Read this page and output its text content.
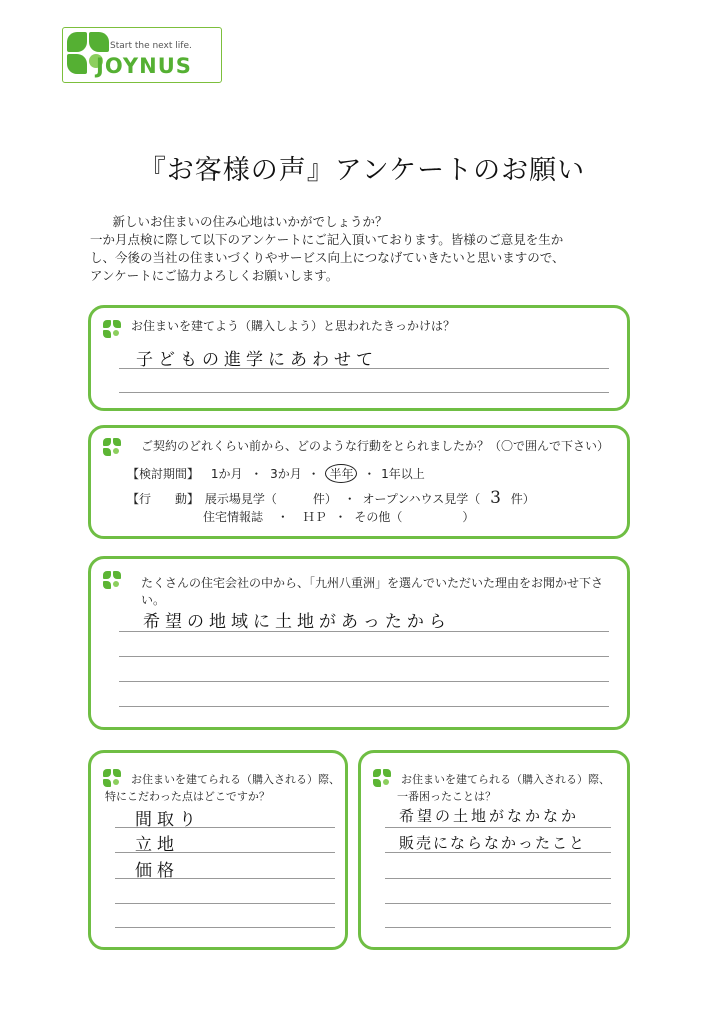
Start the next life.
JOYNUS
『お客様の声』アンケートのお願い

　新しいお住まいの住み心地はいかがでしょうか？

一か月点検に際して以下のアンケートにご記入頂いております。皆様のご意見を生か

し、今後の当社の住まいづくりやサービス向上につなげていきたいと思いますので、

アンケートにご協力よろしくお願いします。

お住まいを建てよう（購入しよう）と思われたきっかけは？
子どもの進学にあわせて
ご契約のどれくらい前から、どのような行動をとられましたか？（〇で囲んで下さい）
【検討期間】 1か月 ・ 3か月 ・ 半年 ・ 1年以上
【行　　動】 展示場見学（　　　件） ・ オープンハウス見学（ 3 件）
住宅情報誌 ・ ＨＰ ・ その他（　　　　　）
たくさんの住宅会社の中から、「九州八重洲」を選んでいただいた理由をお聞かせ下さい。
希望の地域に土地があったから
お住まいを建てられる（購入される）際、
特にこだわった点はどこですか？
間取り
立地
価格
お住まいを建てられる（購入される）際、
一番困ったことは？
希望の土地がなかなか
販売にならなかったこと
